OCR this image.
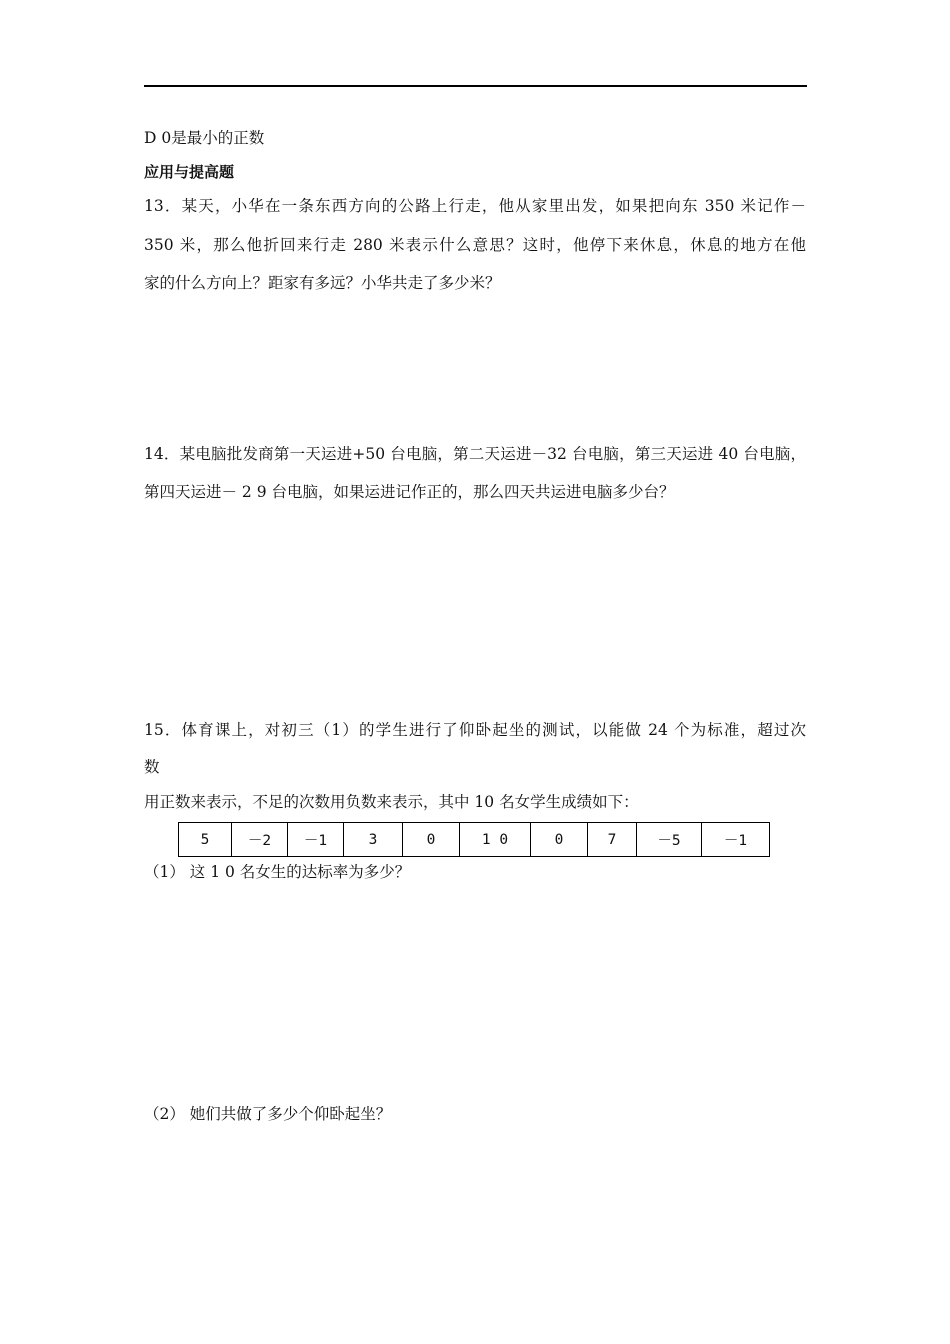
D 0是最小的正数
应用与提高题
13．某天，小华在一条东西方向的公路上行走，他从家里出发，如果把向东 350 米记作－
350 米，那么他折回来行走 280 米表示什么意思？这时，他停下来休息，休息的地方在他
家的什么方向上？距家有多远？小华共走了多少米？
14．某电脑批发商第一天运进+50 台电脑，第二天运进－32 台电脑，第三天运进 40 台电脑，
第四天运进－ 2 9 台电脑，如果运进记作正的，那么四天共运进电脑多少台？
15．体育课上，对初三（1）的学生进行了仰卧起坐的测试，以能做 24 个为标准，超过次
数
用正数来表示，不足的次数用负数来表示，其中 10 名女学生成绩如下：
5	－2	－1	3	0	1 0	0	7	－5	－1
（1） 这 1 0 名女生的达标率为多少？
（2） 她们共做了多少个仰卧起坐？
